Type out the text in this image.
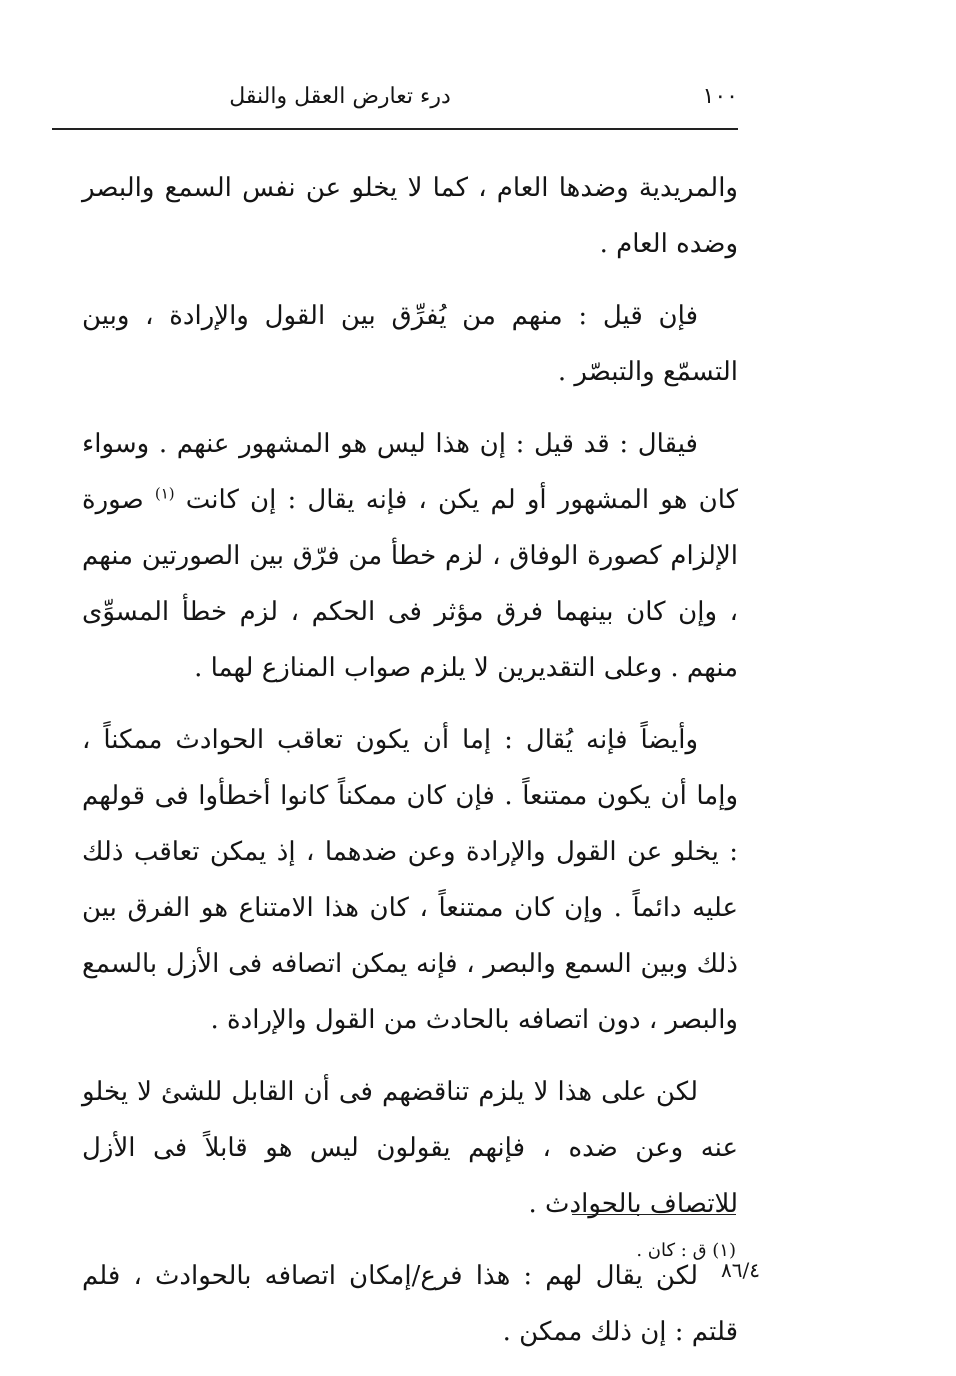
١٠٠
درء تعارض العقل والنقل

والمريدية وضدها العام ، كما لا يخلو عن نفس السمع والبصر وضده العام .

فإن قيل : منهم من يُفرِّق بين القول والإرادة ، وبين التسمّع والتبصّر .

فيقال : قد قيل : إن هذا ليس هو المشهور عنهم . وسواء كان هو المشهور أو لم يكن ، فإنه يقال : إن كانت $^{(١)}$ صورة الإلزام كصورة الوفاق ، لزم خطأ من فرّق بين الصورتين منهم ، وإن كان بينهما فرق مؤثر فى الحكم ، لزم خطأ المسوِّى منهم . وعلى التقديرين لا يلزم صواب المنازع لهما .

وأيضاً فإنه يُقال : إما أن يكون تعاقب الحوادث ممكناً ، وإما أن يكون ممتنعاً . فإن كان ممكناً كانوا أخطأوا فى قولهم : يخلو عن القول والإرادة وعن ضدهما ، إذ يمكن تعاقب ذلك عليه دائماً . وإن كان ممتنعاً ، كان هذا الامتناع هو الفرق بين ذلك وبين السمع والبصر ، فإنه يمكن اتصافه فى الأزل بالسمع والبصر ، دون اتصافه بالحادث من القول والإرادة .

لكن على هذا لا يلزم تناقضهم فى أن القابل للشئ لا يخلو عنه وعن ضده ، فإنهم يقولون ليس هو قابلاً فى الأزل للاتصاف بالحوادث .

٨٦/٤
لكن يقال لهم : هذا فرع/إمكان اتصافه بالحوادث ، فلم قلتم : إن ذلك ممكن .

(١) ق : كان .
